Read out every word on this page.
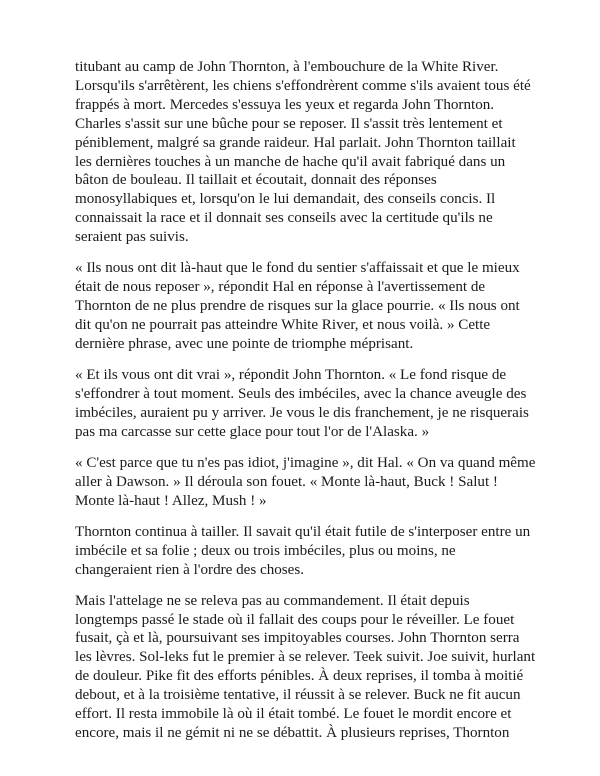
titubant au camp de John Thornton, à l'embouchure de la White River.
Lorsqu'ils s'arrêtèrent, les chiens s'effondrèrent comme s'ils avaient tous été
frappés à mort. Mercedes s'essuya les yeux et regarda John Thornton.
Charles s'assit sur une bûche pour se reposer. Il s'assit très lentement et
péniblement, malgré sa grande raideur. Hal parlait. John Thornton taillait
les dernières touches à un manche de hache qu'il avait fabriqué dans un
bâton de bouleau. Il taillait et écoutait, donnait des réponses
monosyllabiques et, lorsqu'on le lui demandait, des conseils concis. Il
connaissait la race et il donnait ses conseils avec la certitude qu'ils ne
seraient pas suivis.
« Ils nous ont dit là-haut que le fond du sentier s'affaissait et que le mieux
était de nous reposer », répondit Hal en réponse à l'avertissement de
Thornton de ne plus prendre de risques sur la glace pourrie. « Ils nous ont
dit qu'on ne pourrait pas atteindre White River, et nous voilà. » Cette
dernière phrase, avec une pointe de triomphe méprisant.
« Et ils vous ont dit vrai », répondit John Thornton. « Le fond risque de
s'effondrer à tout moment. Seuls des imbéciles, avec la chance aveugle des
imbéciles, auraient pu y arriver. Je vous le dis franchement, je ne risquerais
pas ma carcasse sur cette glace pour tout l'or de l'Alaska. »
« C'est parce que tu n'es pas idiot, j'imagine », dit Hal. « On va quand même
aller à Dawson. » Il déroula son fouet. « Monte là-haut, Buck ! Salut !
Monte là-haut ! Allez, Mush ! »
Thornton continua à tailler. Il savait qu'il était futile de s'interposer entre un
imbécile et sa folie ; deux ou trois imbéciles, plus ou moins, ne
changeraient rien à l'ordre des choses.
Mais l'attelage ne se releva pas au commandement. Il était depuis
longtemps passé le stade où il fallait des coups pour le réveiller. Le fouet
fusait, çà et là, poursuivant ses impitoyables courses. John Thornton serra
les lèvres. Sol-leks fut le premier à se relever. Teek suivit. Joe suivit, hurlant
de douleur. Pike fit des efforts pénibles. À deux reprises, il tomba à moitié
debout, et à la troisième tentative, il réussit à se relever. Buck ne fit aucun
effort. Il resta immobile là où il était tombé. Le fouet le mordit encore et
encore, mais il ne gémit ni ne se débattit. À plusieurs reprises, Thornton
